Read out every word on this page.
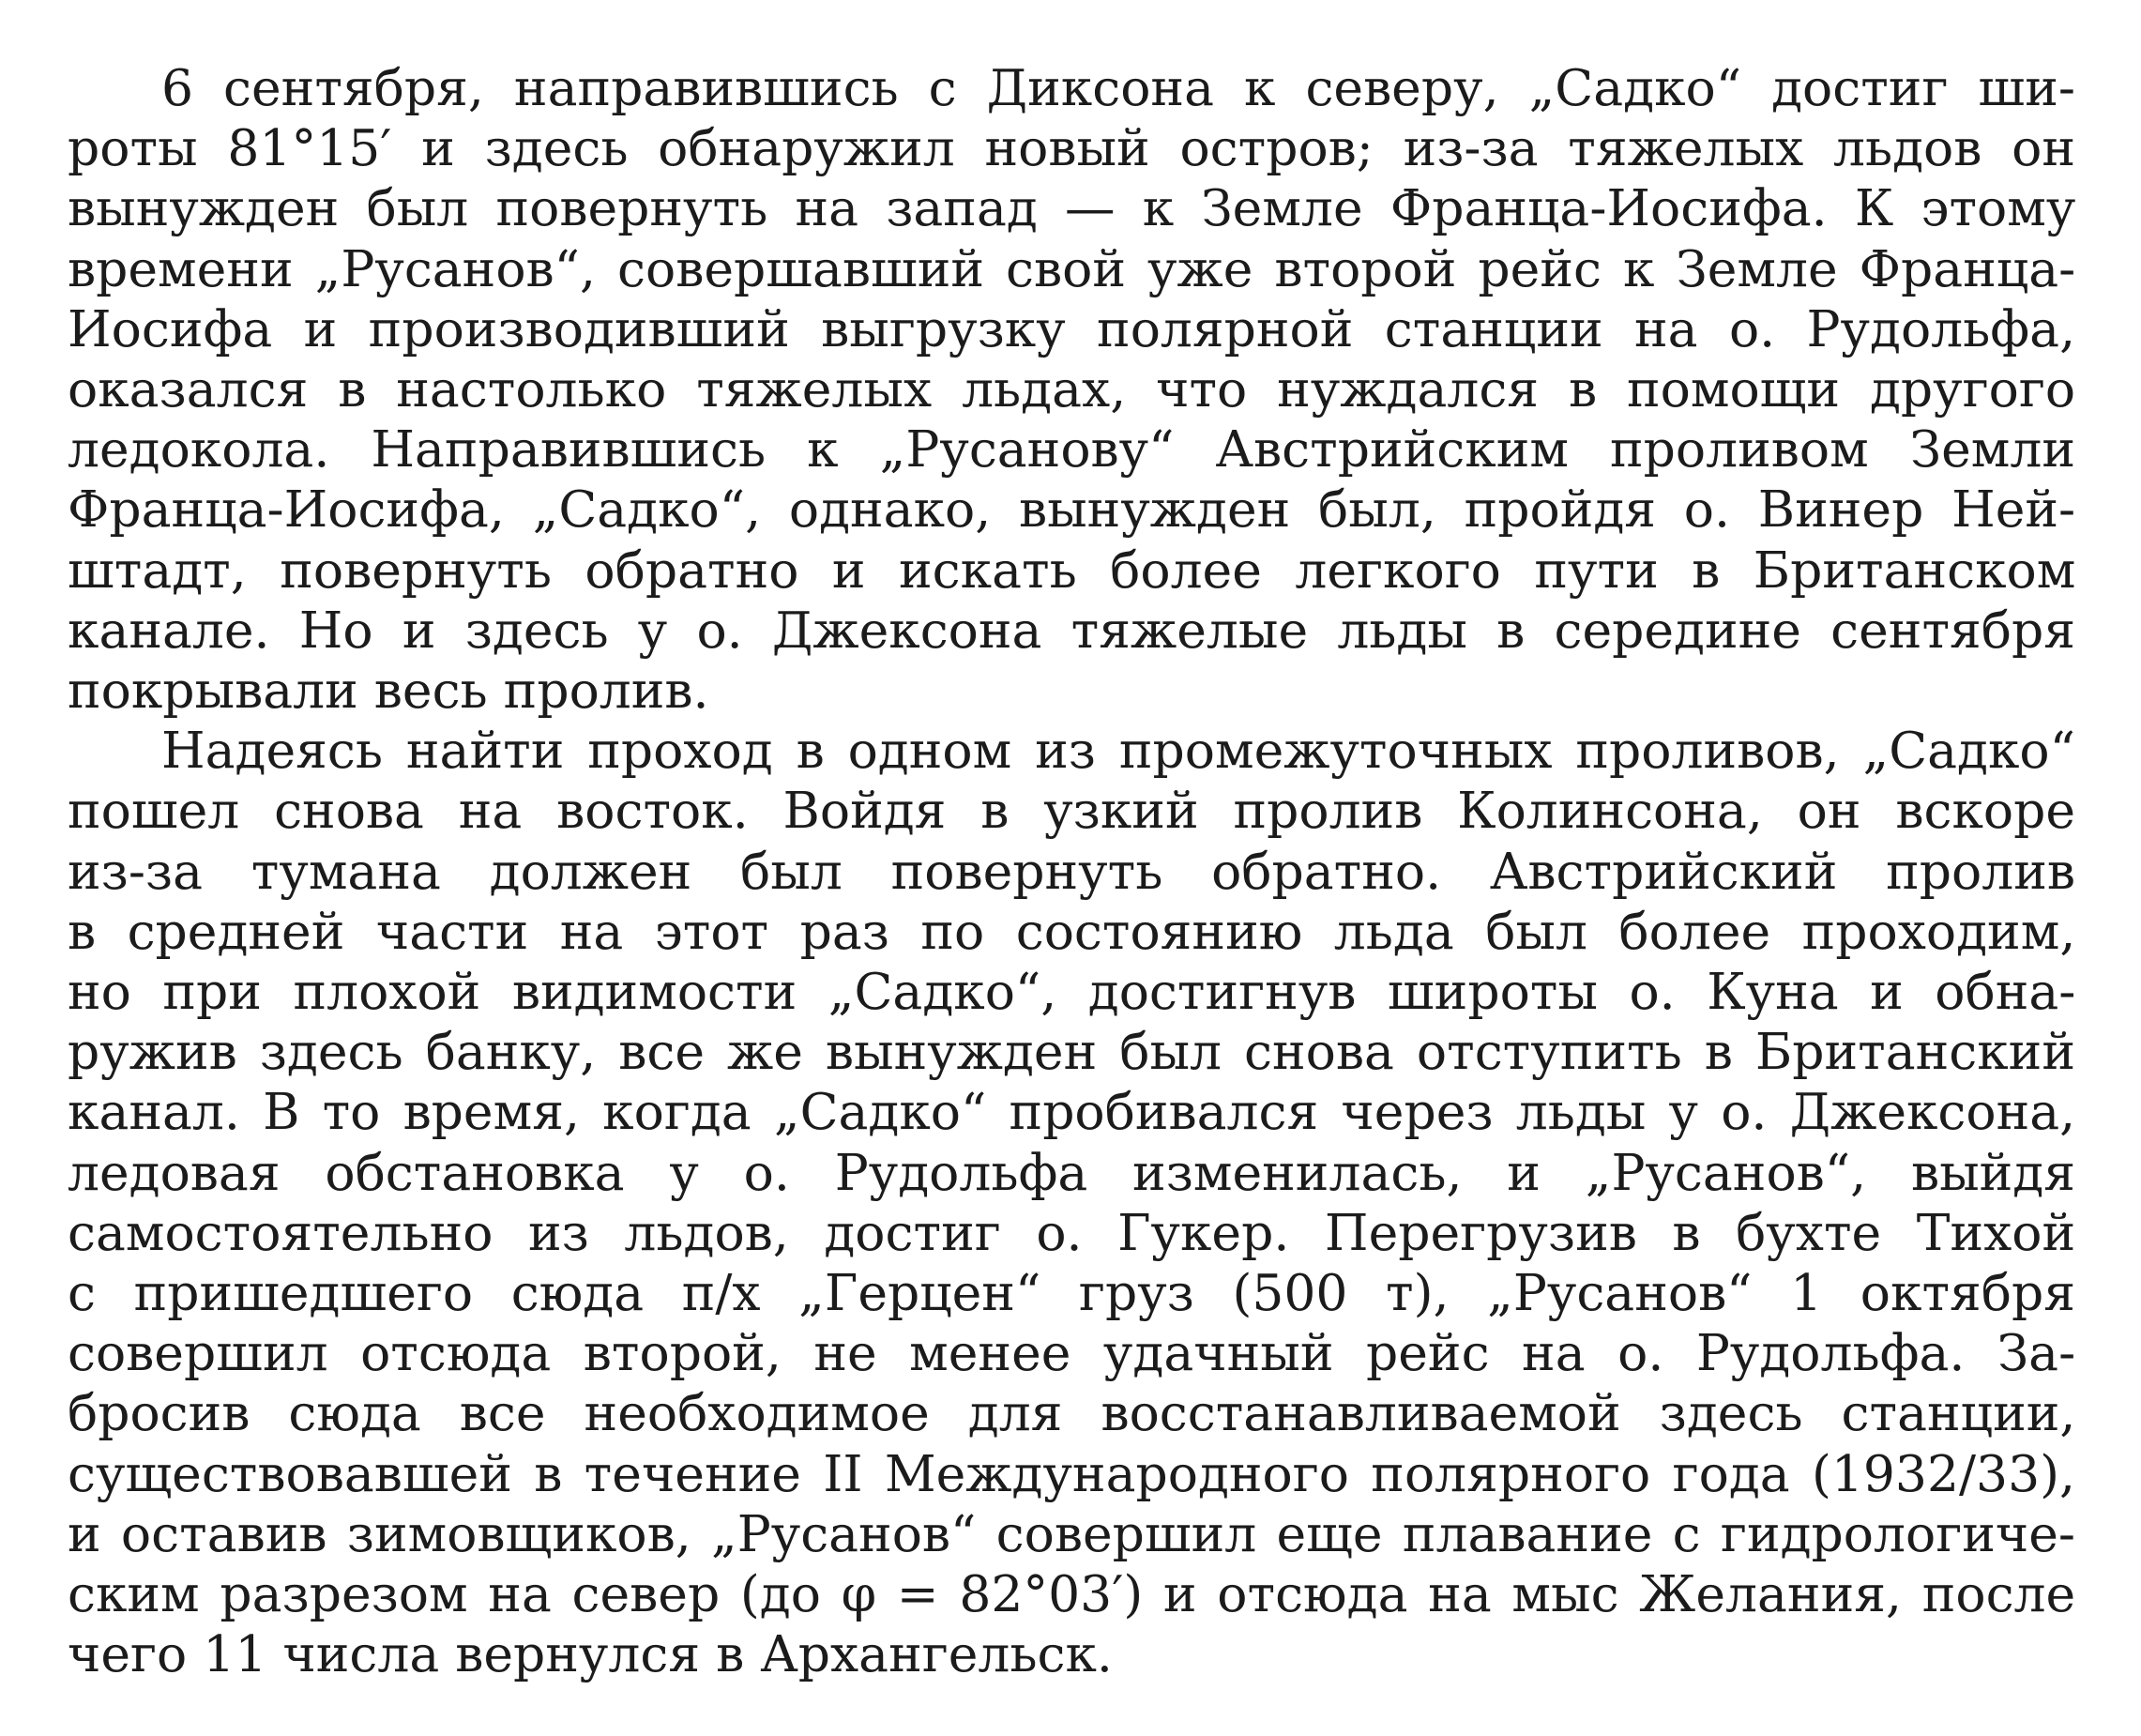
6 сентября, направившись с Диксона к северу, „Садко“ достиг ши-
роты 81°15′ и здесь обнаружил новый остров; из-за тяжелых льдов он
вынужден был повернуть на запад — к Земле Франца-Иосифа. К этому
времени „Русанов“, совершавший свой уже второй рейс к Земле Франца-
Иосифа и производивший выгрузку полярной станции на о. Рудольфа,
оказался в настолько тяжелых льдах, что нуждался в помощи другого
ледокола. Направившись к „Русанову“ Австрийским проливом Земли
Франца-Иосифа, „Садко“, однако, вынужден был, пройдя о. Винер Ней-
штадт, повернуть обратно и искать более легкого пути в Британском
канале. Но и здесь у о. Джексона тяжелые льды в середине сентября
покрывали весь пролив.

Надеясь найти проход в одном из промежуточных проливов, „Садко“
пошел снова на восток. Войдя в узкий пролив Колинсона, он вскоре
из-за тумана должен был повернуть обратно. Австрийский пролив
в средней части на этот раз по состоянию льда был более проходим,
но при плохой видимости „Садко“, достигнув широты о. Куна и обна-
ружив здесь банку, все же вынужден был снова отступить в Британский
канал. В то время, когда „Садко“ пробивался через льды у о. Джексона,
ледовая обстановка у о. Рудольфа изменилась, и „Русанов“, выйдя
самостоятельно из льдов, достиг о. Гукер. Перегрузив в бухте Тихой
с пришедшего сюда п/х „Герцен“ груз (500 т), „Русанов“ 1 октября
совершил отсюда второй, не менее удачный рейс на о. Рудольфа. За-
бросив сюда все необходимое для восстанавливаемой здесь станции,
существовавшей в течение II Международного полярного года (1932/33),
и оставив зимовщиков, „Русанов“ совершил еще плавание с гидрологиче-
ским разрезом на север (до φ = 82°03′) и отсюда на мыс Желания, после
чего 11 числа вернулся в Архангельск.
